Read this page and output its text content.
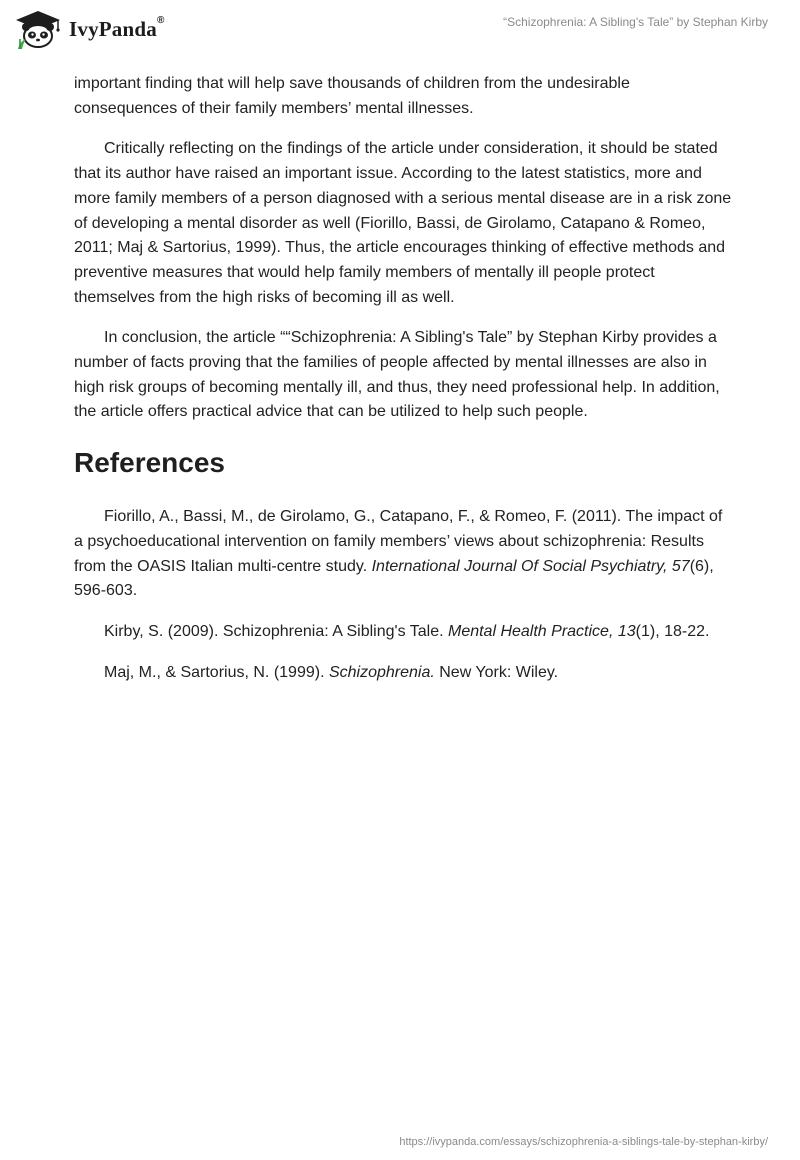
IvyPanda®	“Schizophrenia: A Sibling's Tale” by Stephan Kirby

important finding that will help save thousands of children from the undesirable consequences of their family members’ mental illnesses.

Critically reflecting on the findings of the article under consideration, it should be stated that its author have raised an important issue. According to the latest statistics, more and more family members of a person diagnosed with a serious mental disease are in a risk zone of developing a mental disorder as well (Fiorillo, Bassi, de Girolamo, Catapano & Romeo, 2011; Maj & Sartorius, 1999). Thus, the article encourages thinking of effective methods and preventive measures that would help family members of mentally ill people protect themselves from the high risks of becoming ill as well.

In conclusion, the article ““Schizophrenia: A Sibling's Tale” by Stephan Kirby provides a number of facts proving that the families of people affected by mental illnesses are also in high risk groups of becoming mentally ill, and thus, they need professional help. In addition, the article offers practical advice that can be utilized to help such people.

References

Fiorillo, A., Bassi, M., de Girolamo, G., Catapano, F., & Romeo, F. (2011). The impact of a psychoeducational intervention on family members’ views about schizophrenia: Results from the OASIS Italian multi-centre study. International Journal Of Social Psychiatry, 57(6), 596-603.

Kirby, S. (2009). Schizophrenia: A Sibling's Tale. Mental Health Practice, 13(1), 18-22.

Maj, M., & Sartorius, N. (1999). Schizophrenia. New York: Wiley.

https://ivypanda.com/essays/schizophrenia-a-siblings-tale-by-stephan-kirby/
